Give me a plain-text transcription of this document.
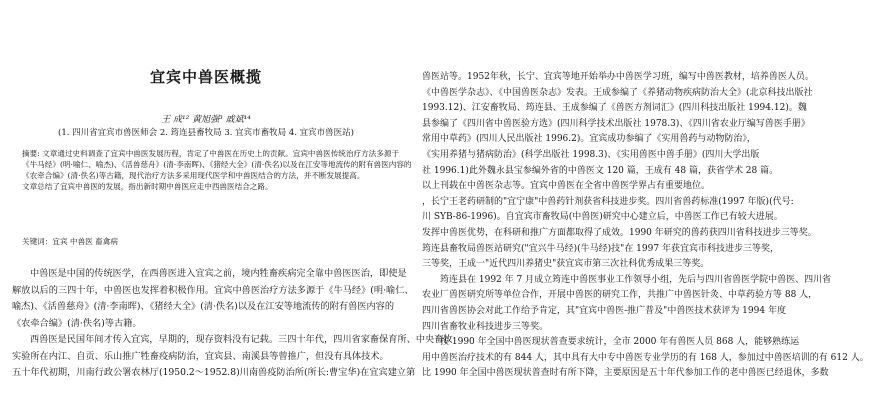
宜宾中兽医概揽
王 成¹² 黄旭强³ 戚斌¹⁴
(1. 四川省宜宾市兽医师会 2. 筠连县畜牧局 3. 宜宾市畜牧局 4. 宜宾市兽医站)
摘要: 文章通过史料调查了宜宾中兽医发展历程，肯定了中兽医在历史上的贡献。宜宾中兽医传统治疗方法多源于
《牛马经》(明·喻仁、喻杰)、《活兽慈舟》(清·李南晖)、《猪经大全》(清·佚名)以及在江安等地流传的附有兽医内容的
《农牵合编》(清·佚名)等古籍，现代治疗方法多采用现代医学和中兽医结合的方法，并不断发展提高。
文章总结了宜宾中兽医的发展，指出新时期中兽医应走中西兽医结合之路。
关键词：宜宾 中兽医 畜禽病
中兽医是中国的传统医学，在西兽医进入宜宾之前，境内牲畜疾病完全靠中兽医医治，即使是
解放以后的三四十年，中兽医也发挥着积极作用。宜宾中兽医治疗方法多源于《牛马经》(明·喻仁、
喻杰)、《活兽慈舟》(清·李南晖)、《猪经大全》(清·佚名)以及在江安等地流传的附有兽医内容的
《农牵合编》(清·佚名)等古籍。
西兽医是民国年间才传入宜宾，早期的，现存资料没有记载。三四十年代，四川省家畜保育所、中央畜牧
实验所在内江、自贡、乐山推广牲畜疫病防治，宜宾县、南溪县等曾推广，但没有具体技术。
五十年代初期，川南行政公署农林厅(1950.2～1952.8)川南兽疫防治所(所长:曹宝华)在宜宾建立第
兽医站等。1952年秋，长宁、宜宾等地开始举办中兽医学习班，编写中兽医教材，培养兽医人员。
《中兽医学杂志》、《中国兽医杂志》发表。王成参编了《养猪动物疾病防治大全》(北京科技出版社
1993.12)、江安畜牧局、筠连县、王成参编了《兽医方剂词汇》(四川科技出版社 1994.12)。魏
县参编了《四川省中兽医验方选》(四川科学技术出版社 1978.3)、《四川省农业厅编写兽医手册》
常用中草药》(四川人民出版社 1996.2)。宜宾成功参编了《实用兽药与动物防治》，
《实用养猪与猪病防治》(科学出版社 1998.3)、《实用兽医中兽手册》(四川大学出版
社 1996.1)此外魏永县宝参编外省的中兽医文 120 篇，王成有 48 篇，获省学术 28 篇。
以上刊载在中兽医杂志等。宜宾中兽医在全省中兽医学界占有重要地位。
，长宁王老药研制的"宜宁康"中兽药针剂获省科技进步奖。四川省兽药标准(1997 年版)(代号:
川 SYB-86-1996)。自宜宾市畜牧局(中兽医)研究中心建立后，中兽医工作已有较大进展。
发挥中兽医优势，在科研和推广方面都取得了成效。1990 年研究的兽药获四川省科技进步三等奖。
筠连县畜牧局兽医站研究("宜兴牛马经)(牛马经)技"在 1997 年获宜宾市科技进步三等奖，
三等奖，王成一"近代四川养猪史"获宜宾市第三次社科优秀成果三等奖。
筠连县在 1992 年 7 月成立筠连中兽医事业工作领导小组，先后与四川省兽医学院中兽医、四川省
农业厂兽医研究所等单位合作，开展中兽医的研究工作，共推广中兽医针灸、中草药验方等 88 人，
四川省兽医协会对此工作给予肯定，其"宜宾中兽医-推广普及"中兽医技术获评为 1994 年度
四川省畜牧业科技进步三等奖。
按 1990 年全国中兽医现状普查要求统计，全市 2000 年有兽医人员 868 人，能够熟练运
用中兽医治疗技术的有 844 人，其中具有大中专中兽医专业学历的有 168 人，参加过中兽医培训的有 612 人。
比 1990 年全国中兽医现状普查时有所下降，主要原因是五十年代参加工作的老中兽医已经退休，多数
